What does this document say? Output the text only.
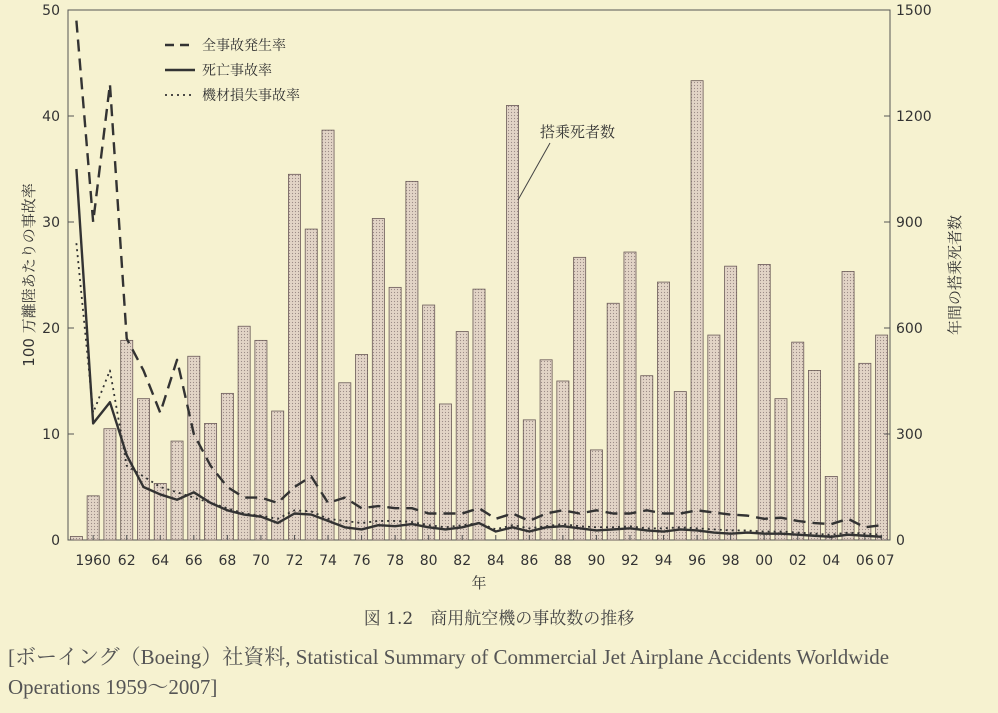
0
10
20
30
40
50
0
300
600
900
1200
1500
1960 62 64 66 68 70 72 74 76 78 80 82 84 86 88 90 92 94 96 98 00 02 04 06 07
年
100 万離陸あたりの事故率	年間の搭乗死者数
全事故発生率
死亡事故率
機材損失事故率
搭乗死者数
図 1.2　商用航空機の事故数の推移
[ボーイング（Boeing）社資料, Statistical Summary of Commercial Jet Airplane Accidents Worldwide Operations 1959～2007]
